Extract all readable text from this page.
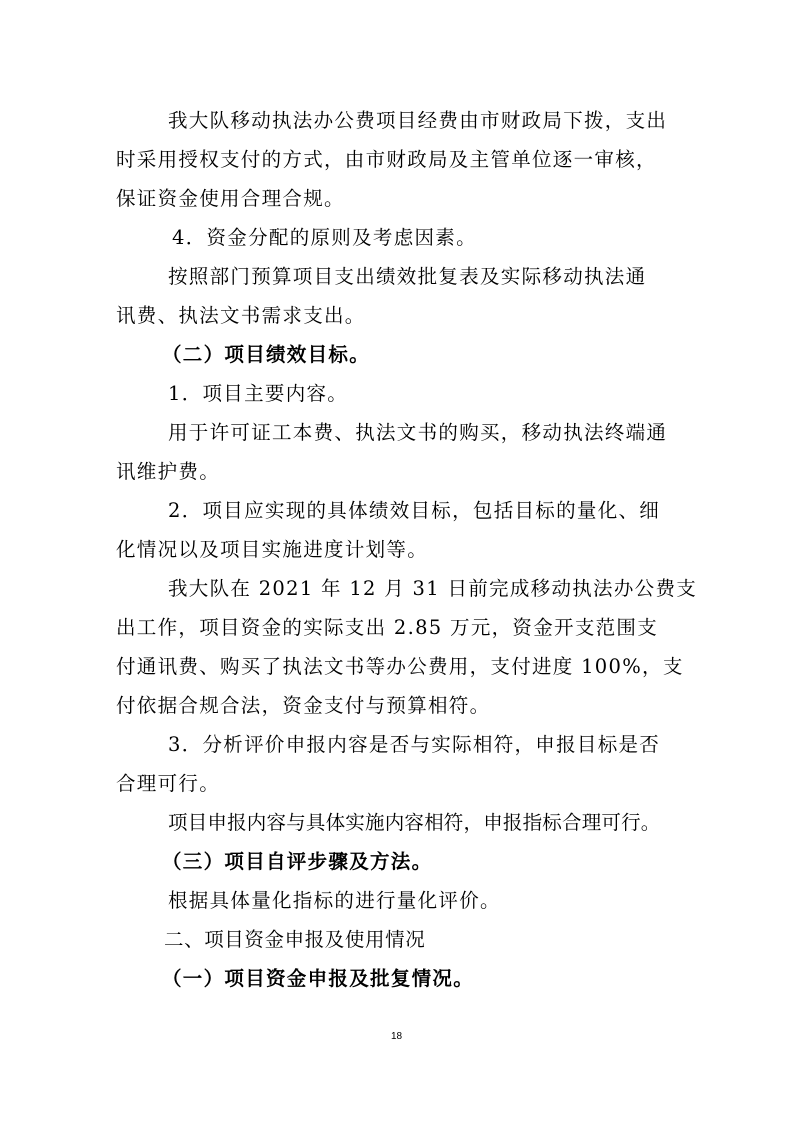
我大队移动执法办公费项目经费由市财政局下拨，支出

时采用授权支付的方式，由市财政局及主管单位逐一审核，

保证资金使用合理合规。

4．资金分配的原则及考虑因素。

按照部门预算项目支出绩效批复表及实际移动执法通

讯费、执法文书需求支出。

（二）项目绩效目标。

1．项目主要内容。

用于许可证工本费、执法文书的购买，移动执法终端通

讯维护费。

2．项目应实现的具体绩效目标，包括目标的量化、细

化情况以及项目实施进度计划等。

我大队在 2021 年 12 月 31 日前完成移动执法办公费支

出工作，项目资金的实际支出 2.85 万元，资金开支范围支

付通讯费、购买了执法文书等办公费用，支付进度 100%，支

付依据合规合法，资金支付与预算相符。

3．分析评价申报内容是否与实际相符，申报目标是否

合理可行。

项目申报内容与具体实施内容相符，申报指标合理可行。

（三）项目自评步骤及方法。

根据具体量化指标的进行量化评价。

二、项目资金申报及使用情况

（一）项目资金申报及批复情况。

18
